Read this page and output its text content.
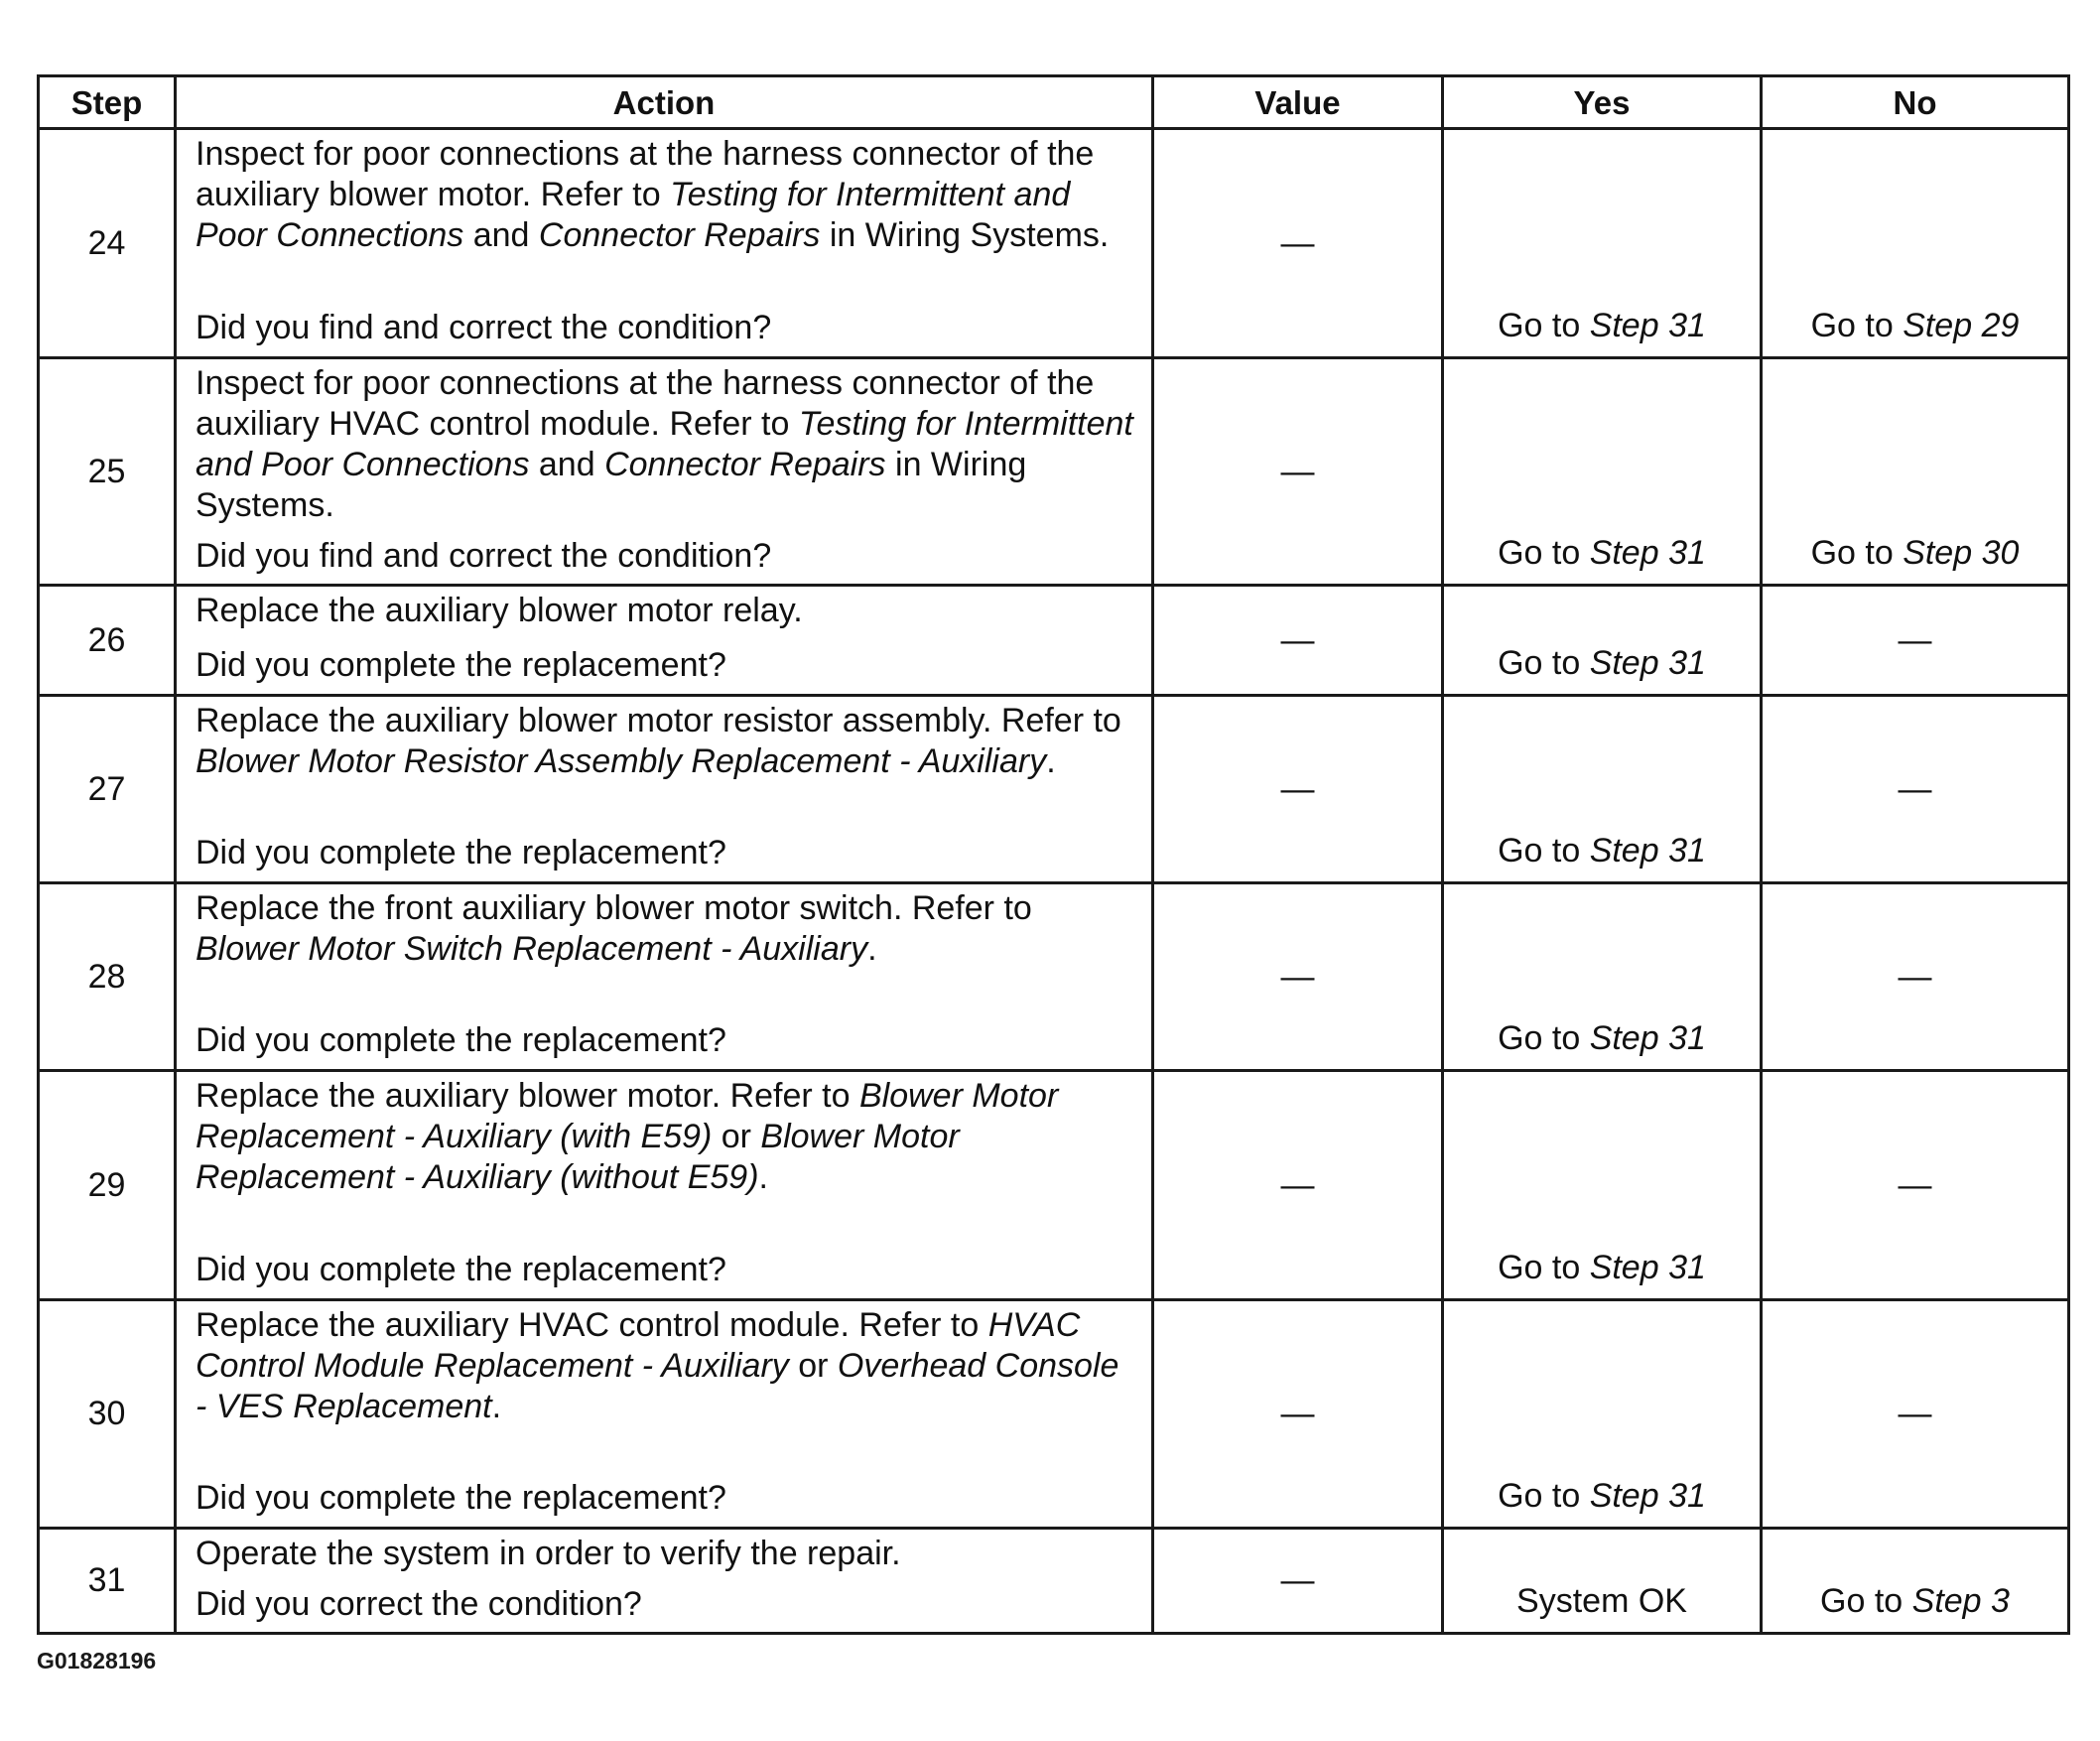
Step	Action	Value	Yes	No
24	Inspect for poor connections at the harness connector of the auxiliary blower motor. Refer to Testing for Intermittent and Poor Connections and Connector Repairs in Wiring Systems.
Did you find and correct the condition?	—	Go to Step 31	Go to Step 29
25	Inspect for poor connections at the harness connector of the auxiliary HVAC control module. Refer to Testing for Intermittent and Poor Connections and Connector Repairs in Wiring Systems.
Did you find and correct the condition?	—	Go to Step 31	Go to Step 30
26	Replace the auxiliary blower motor relay.
Did you complete the replacement?	—	Go to Step 31	—
27	Replace the auxiliary blower motor resistor assembly. Refer to Blower Motor Resistor Assembly Replacement - Auxiliary.
Did you complete the replacement?	—	Go to Step 31	—
28	Replace the front auxiliary blower motor switch. Refer to Blower Motor Switch Replacement - Auxiliary.
Did you complete the replacement?	—	Go to Step 31	—
29	Replace the auxiliary blower motor. Refer to Blower Motor Replacement - Auxiliary (with E59) or Blower Motor Replacement - Auxiliary (without E59).
Did you complete the replacement?	—	Go to Step 31	—
30	Replace the auxiliary HVAC control module. Refer to HVAC Control Module Replacement - Auxiliary or Overhead Console - VES Replacement.
Did you complete the replacement?	—	Go to Step 31	—
31	Operate the system in order to verify the repair.
Did you correct the condition?	—	System OK	Go to Step 3
G01828196
